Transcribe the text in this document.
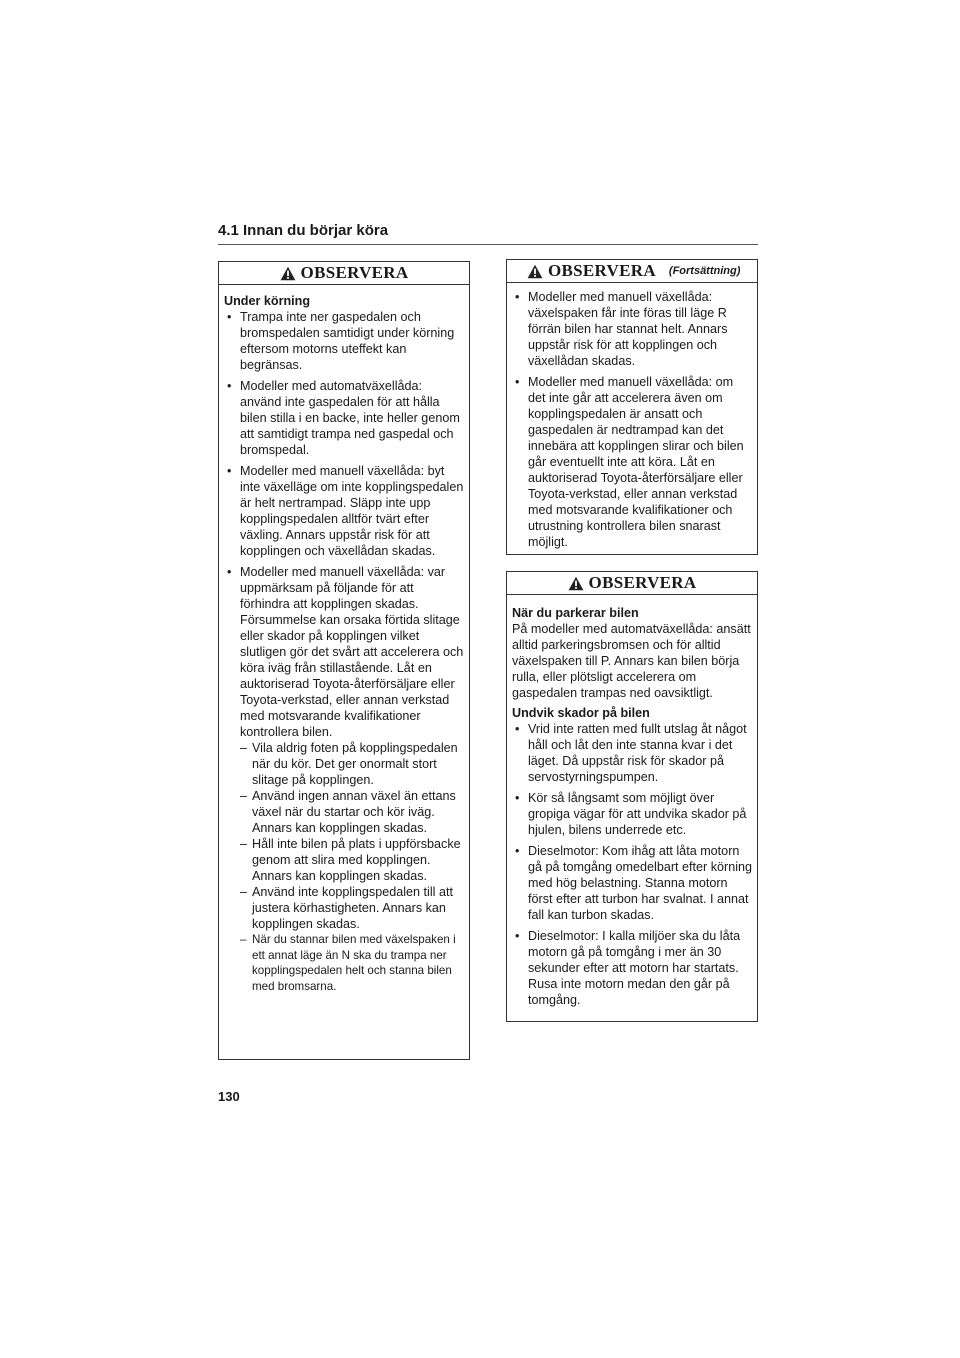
4.1 Innan du börjar köra
OBSERVERA
Under körning
• Trampa inte ner gaspedalen och bromspedalen samtidigt under körning eftersom motorns uteffekt kan begränsas.
• Modeller med automatväxellåda: använd inte gaspedalen för att hålla bilen stilla i en backe, inte heller genom att samtidigt trampa ned gaspedal och bromspedal.
• Modeller med manuell växellåda: byt inte växelläge om inte kopplingspedalen är helt nertrampad. Släpp inte upp kopplingspedalen alltför tvärt efter växling. Annars uppstår risk för att kopplingen och växellådan skadas.
• Modeller med manuell växellåda: var uppmärksam på följande för att förhindra att kopplingen skadas. Försummelse kan orsaka förtida slitage eller skador på kopplingen vilket slutligen gör det svårt att accelerera och köra iväg från stillastående. Låt en auktoriserad Toyota-återförsäljare eller Toyota-verkstad, eller annan verkstad med motsvarande kvalifikationer kontrollera bilen.
– Vila aldrig foten på kopplingspedalen när du kör. Det ger onormalt stort slitage på kopplingen.
– Använd ingen annan växel än ettans växel när du startar och kör iväg. Annars kan kopplingen skadas.
– Håll inte bilen på plats i uppförsbacke genom att slira med kopplingen. Annars kan kopplingen skadas.
– Använd inte kopplingspedalen till att justera körhastigheten. Annars kan kopplingen skadas.
– När du stannar bilen med växelspaken i ett annat läge än N ska du trampa ner kopplingspedalen helt och stanna bilen med bromsarna.
OBSERVERA (Fortsättning)
• Modeller med manuell växellåda: växelspaken får inte föras till läge R förrän bilen har stannat helt. Annars uppstår risk för att kopplingen och växellådan skadas.
• Modeller med manuell växellåda: om det inte går att accelerera även om kopplingspedalen är ansatt och gaspedalen är nedtrampad kan det innebära att kopplingen slirar och bilen går eventuellt inte att köra. Låt en auktoriserad Toyota-återförsäljare eller Toyota-verkstad, eller annan verkstad med motsvarande kvalifikationer och utrustning kontrollera bilen snarast möjligt.
OBSERVERA
När du parkerar bilen

På modeller med automatväxellåda: ansätt alltid parkeringsbromsen och för alltid växelspaken till P. Annars kan bilen börja rulla, eller plötsligt accelerera om gaspedalen trampas ned oavsiktligt.

Undvik skador på bilen
• Vrid inte ratten med fullt utslag åt något håll och låt den inte stanna kvar i det läget. Då uppstår risk för skador på servostyrningspumpen.
• Kör så långsamt som möjligt över gropiga vägar för att undvika skador på hjulen, bilens underrede etc.
• Dieselmotor: Kom ihåg att låta motorn gå på tomgång omedelbart efter körning med hög belastning. Stanna motorn först efter att turbon har svalnat. I annat fall kan turbon skadas.
• Dieselmotor: I kalla miljöer ska du låta motorn gå på tomgång i mer än 30 sekunder efter att motorn har startats. Rusa inte motorn medan den går på tomgång.
130
